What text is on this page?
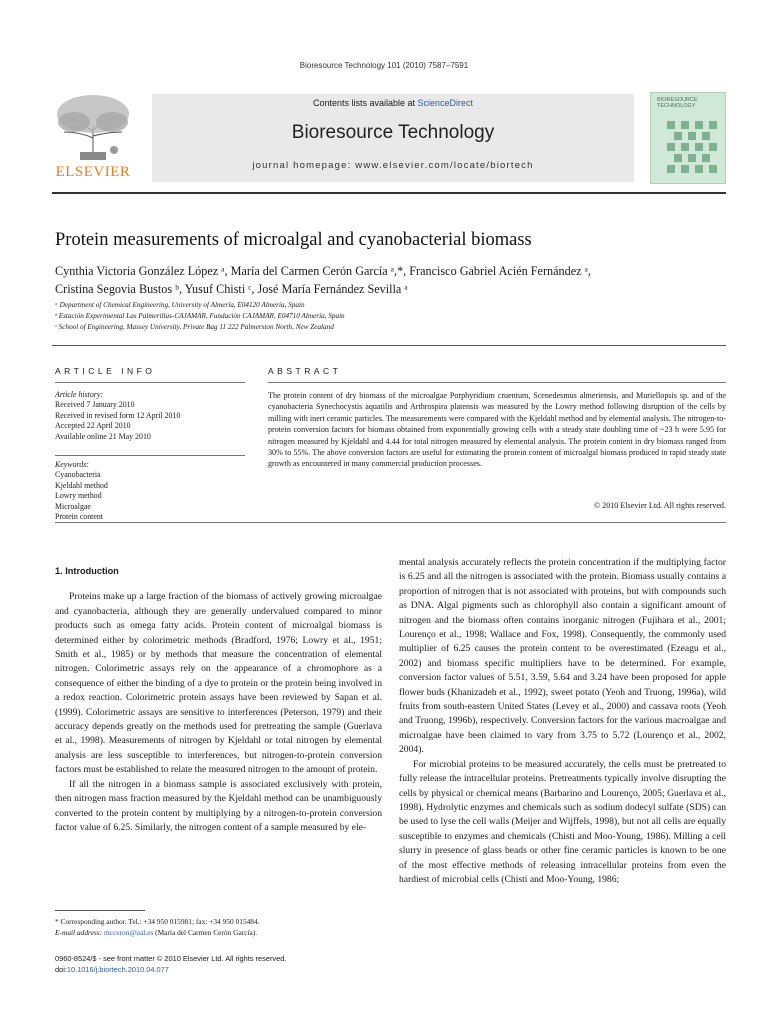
Bioresource Technology 101 (2010) 7587–7591
ELSEVIER
Contents lists available at ScienceDirect
Bioresource Technology
journal homepage: www.elsevier.com/locate/biortech
BIORESOURCE TECHNOLOGY
Protein measurements of microalgal and cyanobacterial biomass
Cynthia Victoria González López ᵃ, María del Carmen Cerón García ᵃ,*, Francisco Gabriel Acién Fernández ᵃ,
Cristina Segovia Bustos ᵇ, Yusuf Chisti ᶜ, José María Fernández Sevilla ᵃ
ᵃ Department of Chemical Engineering, University of Almería, E04120 Almería, Spain
ᵇ Estación Experimental Las Palmerillas-CAJAMAR, Fundación CAJAMAR, E04710 Almería, Spain
ᶜ School of Engineering, Massey University, Private Bag 11 222 Palmerston North, New Zealand
ARTICLE INFO	ABSTRACT
Article history:
Received 7 January 2010
Received in revised form 12 April 2010
Accepted 22 April 2010
Available online 21 May 2010
Keywords:
Cyanobacteria
Kjeldahl method
Lowry method
Microalgae
Protein content
The protein content of dry biomass of the microalgae Porphyridium cruentum, Scenedesmus almeriensis, and Muriellopsis sp. and of the cyanobacteria Synechocystis aquatilis and Arthrospira platensis was measured by the Lowry method following disruption of the cells by milling with inert ceramic particles. The measurements were compared with the Kjeldahl method and by elemental analysis. The nitrogen-to-protein conversion factors for biomass obtained from exponentially growing cells with a steady state doubling time of ~23 h were 5.95 for nitrogen measured by Kjeldahl and 4.44 for total nitrogen measured by elemental analysis. The protein content in dry biomass ranged from 30% to 55%. The above conversion factors are useful for estimating the protein content of microalgal biomass produced in rapid steady state growth as encountered in many commercial production processes.
© 2010 Elsevier Ltd. All rights reserved.
1. Introduction

Proteins make up a large fraction of the biomass of actively growing microalgae and cyanobacteria, although they are generally undervalued compared to minor products such as omega fatty acids. Protein content of microalgal biomass is determined either by colorimetric methods (Bradford, 1976; Lowry et al., 1951; Smith et al., 1985) or by methods that measure the concentration of elemental nitrogen. Colorimetric assays rely on the appearance of a chromophore as a consequence of either the binding of a dye to protein or the protein being involved in a redox reaction. Colorimetric protein assays have been reviewed by Sapan et al. (1999). Colorimetric assays are sensitive to interferences (Peterson, 1979) and their accuracy depends greatly on the methods used for pretreating the sample (Guerlava et al., 1998). Measurements of nitrogen by Kjeldahl or total nitrogen by elemental analysis are less susceptible to interferences, but nitrogen-to-protein conversion factors must be established to relate the measured nitrogen to the amount of protein.

If all the nitrogen in a biomass sample is associated exclusively with protein, then nitrogen mass fraction measured by the Kjeldahl method can be unambiguously converted to the protein content by multiplying by a nitrogen-to-protein conversion factor value of 6.25. Similarly, the nitrogen content of a sample measured by ele-

mental analysis accurately reflects the protein concentration if the multiplying factor is 6.25 and all the nitrogen is associated with the protein. Biomass usually contains a proportion of nitrogen that is not associated with proteins, but with compounds such as DNA. Algal pigments such as chlorophyll also contain a significant amount of nitrogen and the biomass often contains inorganic nitrogen (Fujihara et al., 2001; Lourenço et al., 1998; Wallace and Fox, 1998). Consequently, the commonly used multiplier of 6.25 causes the protein content to be overestimated (Ezeagu et al., 2002) and biomass specific multipliers have to be determined. For example, conversion factor values of 5.51, 3.59, 5.64 and 3.24 have been proposed for apple flower buds (Khanizadeh et al., 1992), sweet potato (Yeoh and Truong, 1996a), wild fruits from south-eastern United States (Levey et al., 2000) and cassava roots (Yeoh and Truong, 1996b), respectively. Conversion factors for the various macroalgae and microalgae have been claimed to vary from 3.75 to 5.72 (Lourenço et al., 2002, 2004).

For microbial proteins to be measured accurately, the cells must be pretreated to fully release the intracellular proteins. Pretreatments typically involve disrupting the cells by physical or chemical means (Barbarino and Lourenço, 2005; Guerlava et al., 1998). Hydrolytic enzymes and chemicals such as sodium dodecyl sulfate (SDS) can be used to lyse the cell walls (Meijer and Wijffels, 1998), but not all cells are equally susceptible to enzymes and chemicals (Chisti and Moo-Young, 1986). Milling a cell slurry in presence of glass beads or other fine ceramic particles is known to be one of the most effective methods of releasing intracellular proteins from even the hardiest of microbial cells (Chisti and Moo-Young, 1986;

* Corresponding author. Tel.: +34 950 015981; fax: +34 950 015484.
E-mail address: mcceron@ual.es (María del Carmen Cerón García).
0960-8524/$ - see front matter © 2010 Elsevier Ltd. All rights reserved.
doi:10.1016/j.biortech.2010.04.077
